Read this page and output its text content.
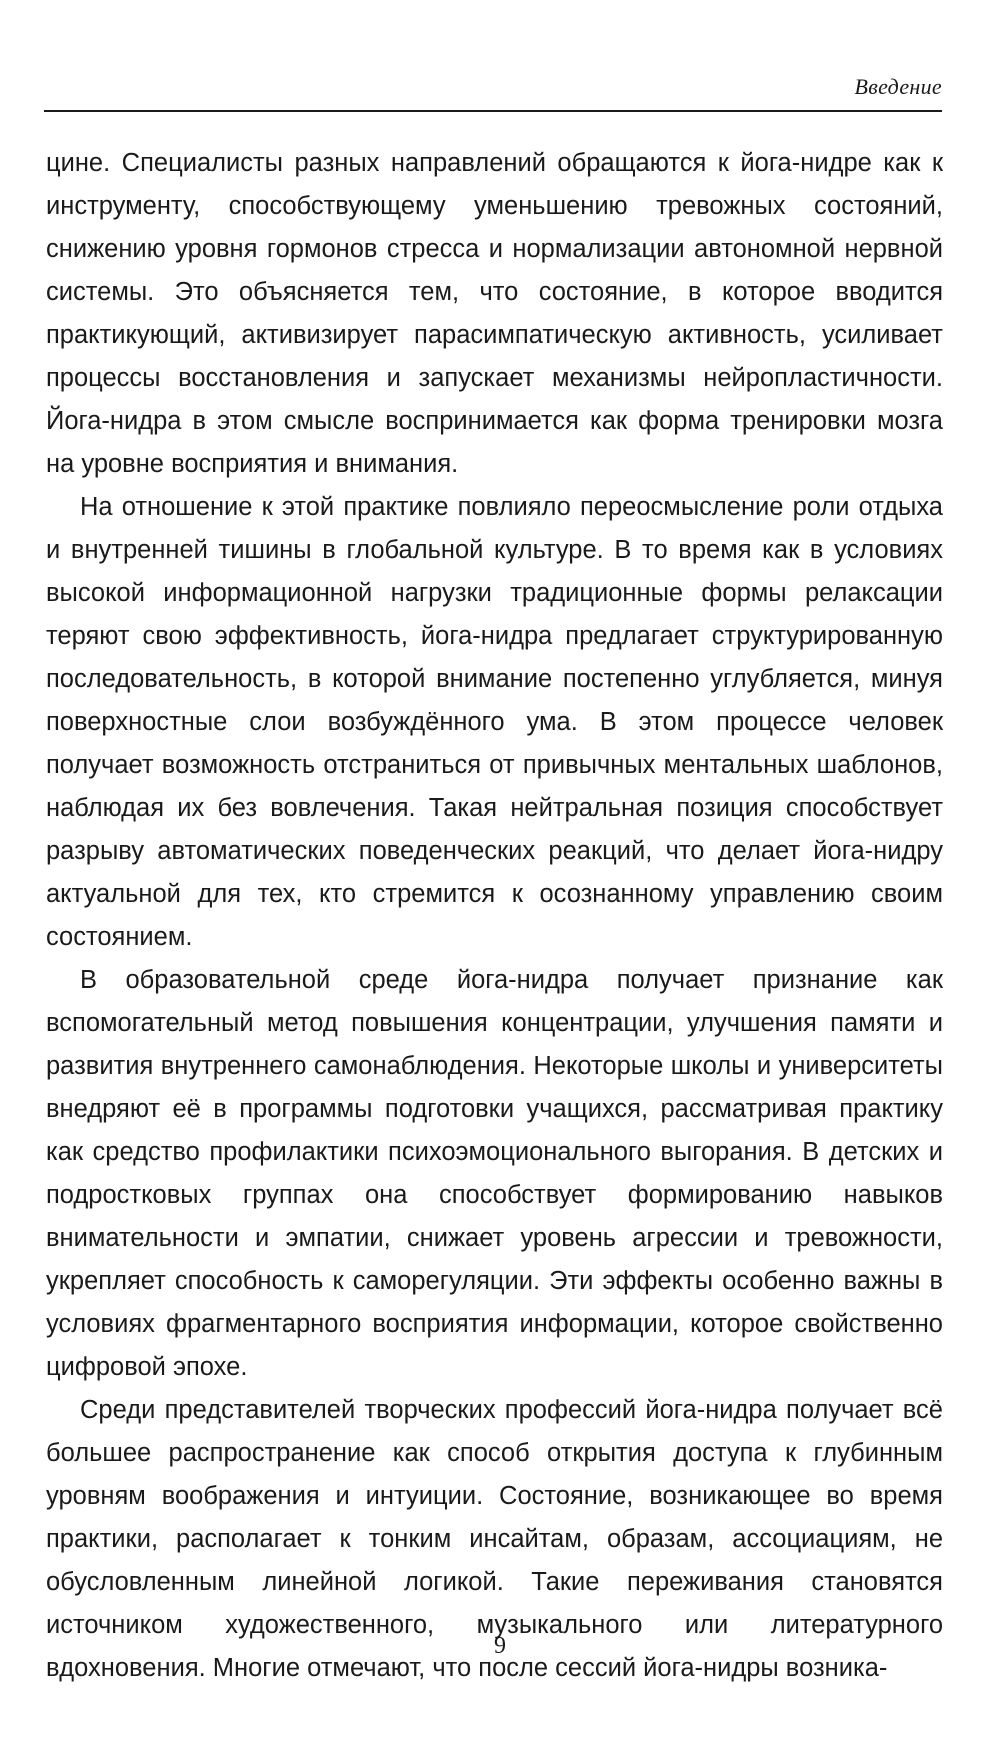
Введение

цине. Специалисты разных направлений обращаются к йога-нидре как к инструменту, способствующему уменьшению тревожных состояний, снижению уровня гормонов стресса и нормализации автономной нервной системы. Это объясняется тем, что состояние, в которое вводится практикующий, активизирует парасимпатическую активность, усиливает процессы восстановления и запускает механизмы нейропластичности. Йога-нидра в этом смысле воспринимается как форма тренировки мозга на уровне восприятия и внимания.

На отношение к этой практике повлияло переосмысление роли отдыха и внутренней тишины в глобальной культуре. В то время как в условиях высокой информационной нагрузки традиционные формы релаксации теряют свою эффективность, йога-нидра предлагает структурированную последовательность, в которой внимание постепенно углубляется, минуя поверхностные слои возбуждённого ума. В этом процессе человек получает возможность отстраниться от привычных ментальных шаблонов, наблюдая их без вовлечения. Такая нейтральная позиция способствует разрыву автоматических поведенческих реакций, что делает йога-нидру актуальной для тех, кто стремится к осознанному управлению своим состоянием.

В образовательной среде йога-нидра получает признание как вспомогательный метод повышения концентрации, улучшения памяти и развития внутреннего самонаблюдения. Некоторые школы и университеты внедряют её в программы подготовки учащихся, рассматривая практику как средство профилактики психоэмоционального выгорания. В детских и подростковых группах она способствует формированию навыков внимательности и эмпатии, снижает уровень агрессии и тревожности, укрепляет способность к саморегуляции. Эти эффекты особенно важны в условиях фрагментарного восприятия информации, которое свойственно цифровой эпохе.

Среди представителей творческих профессий йога-нидра получает всё большее распространение как способ открытия доступа к глубинным уровням воображения и интуиции. Состояние, возникающее во время практики, располагает к тонким инсайтам, образам, ассоциациям, не обусловленным линейной логикой. Такие переживания становятся источником художественного, музыкального или литературного вдохновения. Многие отмечают, что после сессий йога-нидры возника-

9
